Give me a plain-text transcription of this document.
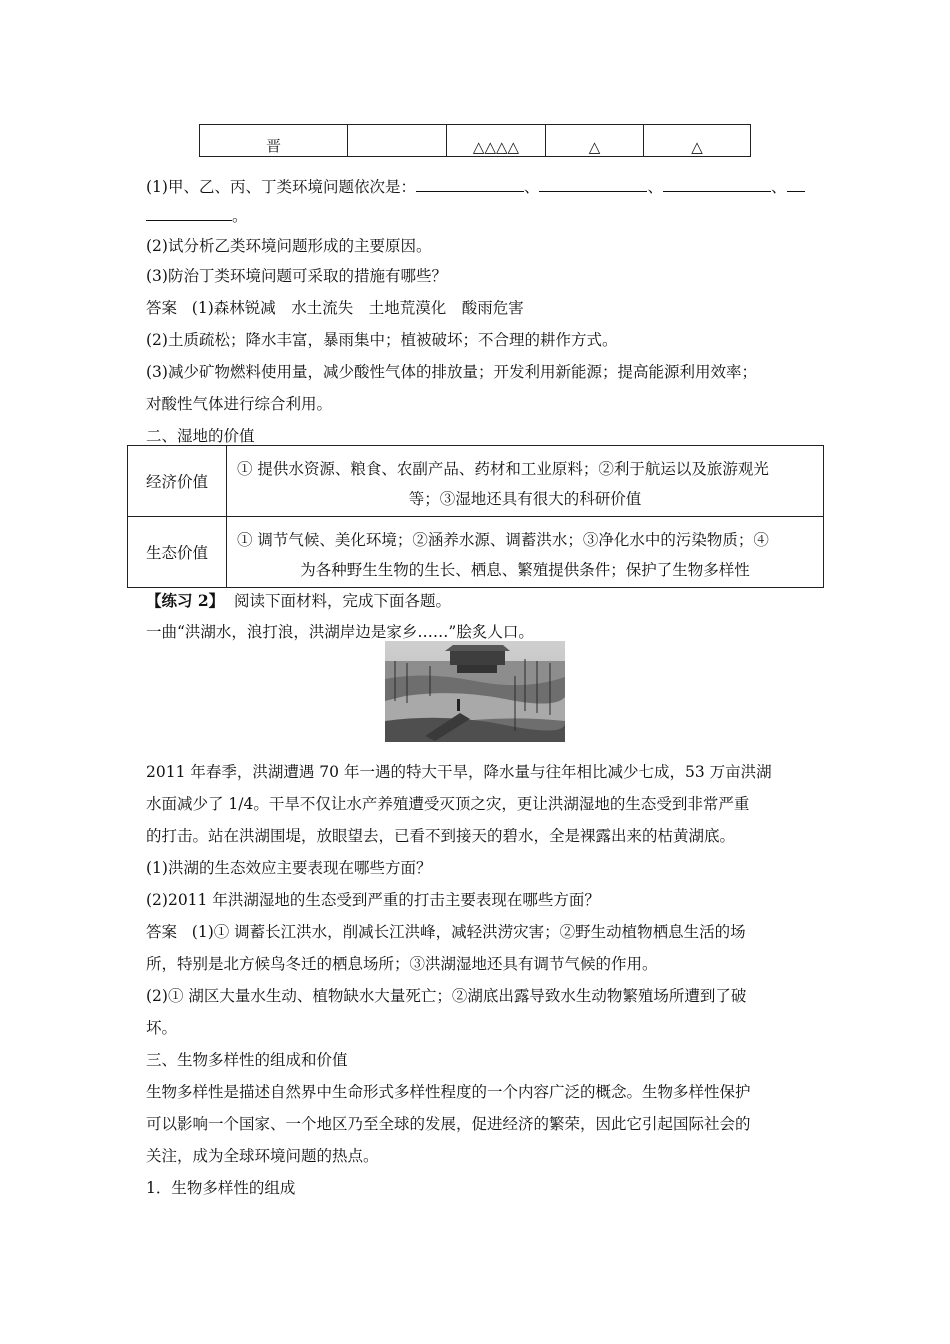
晋		△△△△	△	△
(1)甲、乙、丙、丁类环境问题依次是：	、	、	、
。
(2)试分析乙类环境问题形成的主要原因。
(3)防治丁类环境问题可采取的措施有哪些？
答案 (1)森林锐减　水土流失　土地荒漠化　酸雨危害
(2)土质疏松；降水丰富，暴雨集中；植被破坏；不合理的耕作方式。
(3)减少矿物燃料使用量，减少酸性气体的排放量；开发利用新能源；提高能源利用效率；
对酸性气体进行综合利用。
二、湿地的价值
经济价值	① 提供水资源、粮食、农副产品、药材和工业原料；②利于航运以及旅游观光
等；③湿地还具有很大的科研价值

生态价值	① 调节气候、美化环境；②涵养水源、调蓄洪水；③净化水中的污染物质；④
为各种野生生物的生长、栖息、繁殖提供条件；保护了生物多样性
【练习 2】 阅读下面材料，完成下面各题。
一曲“洪湖水，浪打浪，洪湖岸边是家乡……”脍炙人口。
2011 年春季，洪湖遭遇 70 年一遇的特大干旱，降水量与往年相比减少七成，53 万亩洪湖
水面减少了 1/4。干旱不仅让水产养殖遭受灭顶之灾，更让洪湖湿地的生态受到非常严重
的打击。站在洪湖围堤，放眼望去，已看不到接天的碧水，全是裸露出来的枯黄湖底。
(1)洪湖的生态效应主要表现在哪些方面？
(2)2011 年洪湖湿地的生态受到严重的打击主要表现在哪些方面？
答案 (1)① 调蓄长江洪水，削减长江洪峰，减轻洪涝灾害；②野生动植物栖息生活的场
所，特别是北方候鸟冬迁的栖息场所；③洪湖湿地还具有调节气候的作用。
(2)① 湖区大量水生动、植物缺水大量死亡；②湖底出露导致水生动物繁殖场所遭到了破
坏。
三、生物多样性的组成和价值
生物多样性是描述自然界中生命形式多样性程度的一个内容广泛的概念。生物多样性保护
可以影响一个国家、一个地区乃至全球的发展，促进经济的繁荣，因此它引起国际社会的
关注，成为全球环境问题的热点。
1．生物多样性的组成
